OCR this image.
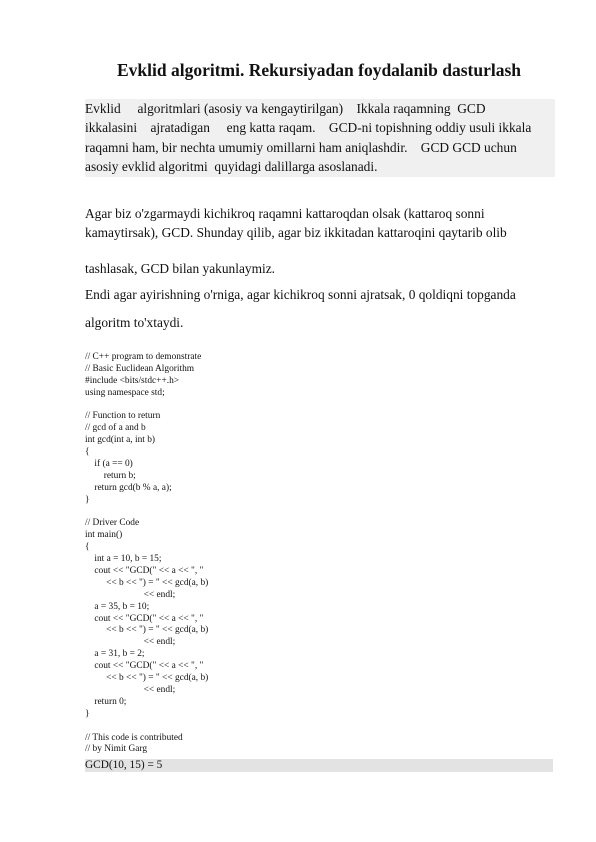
Evklid algoritmi. Rekursiyadan foydalanib dasturlash
Evklid     algoritmlari (asosiy va kengaytirilgan)    Ikkala raqamning  GCD
ikkalasini    ajratadigan     eng katta raqam.    GCD-ni topishning oddiy usuli ikkala
raqamni ham, bir nechta umumiy omillarni ham aniqlashdir.    GCD GCD uchun
asosiy evklid algoritmi  quyidagi dalillarga asoslanadi.
Agar biz o'zgarmaydi kichikroq raqamni kattaroqdan olsak (kattaroq sonni
kamaytirsak), GCD. Shunday qilib, agar biz ikkitadan kattaroqini qaytarib olib
tashlasak, GCD bilan yakunlaymiz.
Endi agar ayirishning o'rniga, agar kichikroq sonni ajratsak, 0 qoldiqni topganda
algoritm to'xtaydi.
// C++ program to demonstrate
// Basic Euclidean Algorithm
#include <bits/stdc++.h>
using namespace std;
// Function to return
// gcd of a and b
int gcd(int a, int b)
{
if (a == 0)
return b;
return gcd(b % a, a);
}
// Driver Code
int main()
{
int a = 10, b = 15;
cout << "GCD(" << a << ", "
<< b << ") = " << gcd(a, b)
<< endl;
a = 35, b = 10;
cout << "GCD(" << a << ", "
<< b << ") = " << gcd(a, b)
<< endl;
a = 31, b = 2;
cout << "GCD(" << a << ", "
<< b << ") = " << gcd(a, b)
<< endl;
return 0;
}
// This code is contributed
// by Nimit Garg
GCD(10, 15) = 5
